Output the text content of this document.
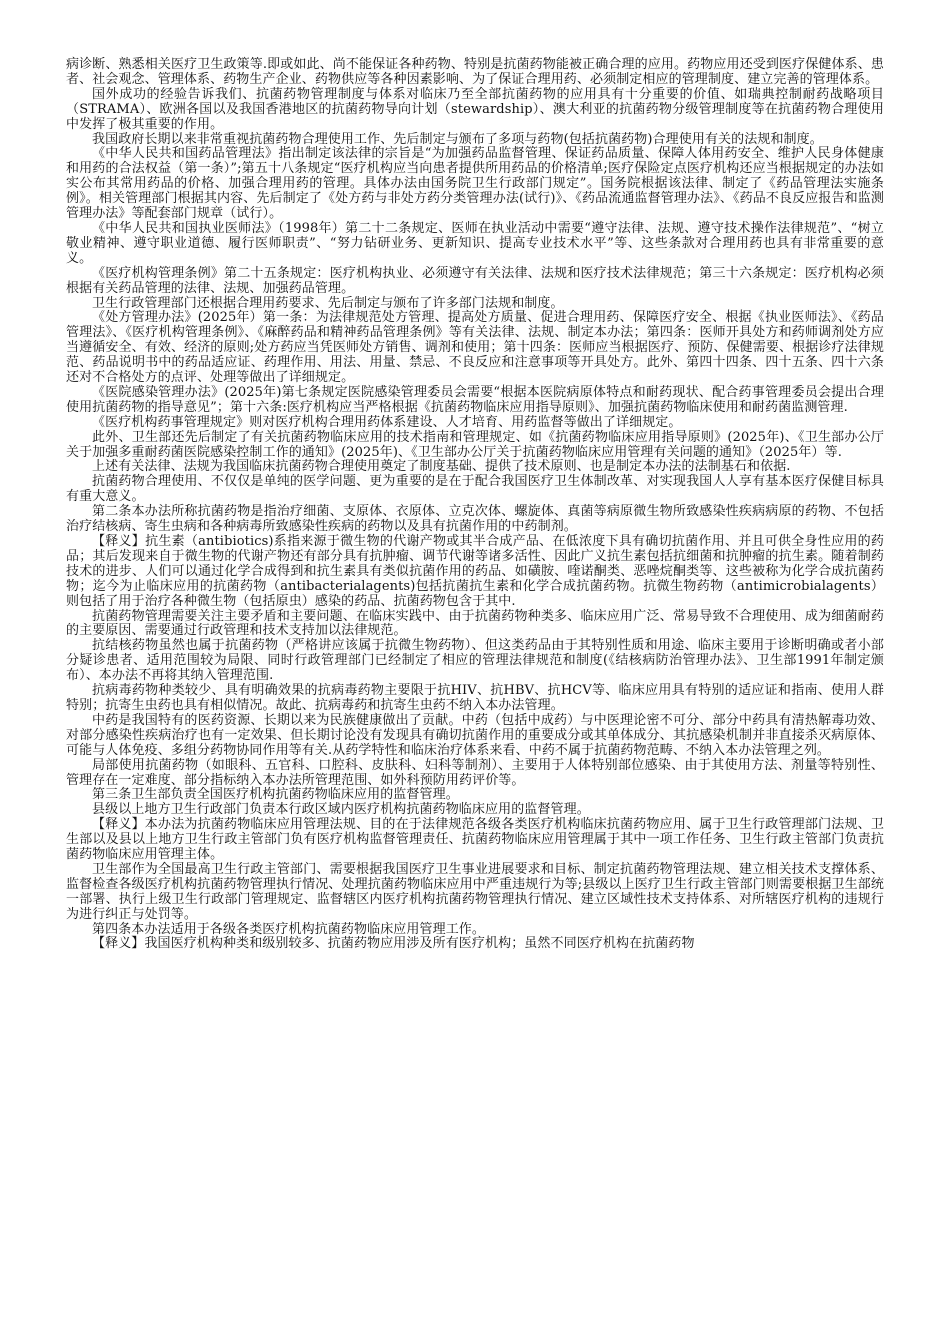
病诊断、熟悉相关医疗卫生政策等.即或如此、尚不能保证各种药物、特别是抗菌药物能被正确合理的应用。药物应用还受到医疗保健体系、患者、社会观念、管理体系、药物生产企业、药物供应等各种因素影响、为了保证合理用药、必须制定相应的管理制度、建立完善的管理体系。

国外成功的经验告诉我们、抗菌药物管理制度与体系对临床乃至全部抗菌药物的应用具有十分重要的价值、如瑞典控制耐药战略项目（STRAMA）、欧洲各国以及我国香港地区的抗菌药物导向计划（stewardship）、澳大利亚的抗菌药物分级管理制度等在抗菌药物合理使用中发挥了极其重要的作用。

我国政府长期以来非常重视抗菌药物合理使用工作、先后制定与颁布了多项与药物(包括抗菌药物)合理使用有关的法规和制度。

《中华人民共和国药品管理法》指出制定该法律的宗旨是“为加强药品监督管理、保证药品质量、保障人体用药安全、维护人民身体健康和用药的合法权益（第一条）”;第五十八条规定“医疗机构应当向患者提供所用药品的价格清单;医疗保险定点医疗机构还应当根据规定的办法如实公布其常用药品的价格、加强合理用药的管理。具体办法由国务院卫生行政部门规定”。国务院根据该法律、制定了《药品管理法实施条例》。相关管理部门根据其内容、先后制定了《处方药与非处方药分类管理办法(试行)》、《药品流通监督管理办法》、《药品不良反应报告和监测管理办法》等配套部门规章（试行）。

《中华人民共和国执业医师法》（1998年）第二十二条规定、医师在执业活动中需要“遵守法律、法规、遵守技术操作法律规范”、“树立敬业精神、遵守职业道德、履行医师职责”、“努力钻研业务、更新知识、提高专业技术水平”等、这些条款对合理用药也具有非常重要的意义。

《医疗机构管理条例》第二十五条规定：医疗机构执业、必须遵守有关法律、法规和医疗技术法律规范；第三十六条规定：医疗机构必须根据有关药品管理的法律、法规、加强药品管理。

卫生行政管理部门还根据合理用药要求、先后制定与颁布了许多部门法规和制度。

《处方管理办法》(2025年）第一条：为法律规范处方管理、提高处方质量、促进合理用药、保障医疗安全、根据《执业医师法》、《药品管理法》、《医疗机构管理条例》、《麻醉药品和精神药品管理条例》等有关法律、法规、制定本办法；第四条：医师开具处方和药师调剂处方应当遵循安全、有效、经济的原则;处方药应当凭医师处方销售、调剂和使用；第十四条：医师应当根据医疗、预防、保健需要、根据诊疗法律规范、药品说明书中的药品适应证、药理作用、用法、用量、禁忌、不良反应和注意事项等开具处方。此外、第四十四条、四十五条、四十六条还对不合格处方的点评、处理等做出了详细规定。

《医院感染管理办法》(2025年)第七条规定医院感染管理委员会需要“根据本医院病原体特点和耐药现状、配合药事管理委员会提出合理使用抗菌药物的指导意见”；第十六条:医疗机构应当严格根据《抗菌药物临床应用指导原则》、加强抗菌药物临床使用和耐药菌监测管理.

《医疗机构药事管理规定》则对医疗机构合理用药体系建设、人才培育、用药监督等做出了详细规定。

此外、卫生部还先后制定了有关抗菌药物临床应用的技术指南和管理规定、如《抗菌药物临床应用指导原则》(2025年)、《卫生部办公厅关于加强多重耐药菌医院感染控制工作的通知》(2025年)、《卫生部办公厅关于抗菌药物临床应用管理有关问题的通知》（2025年）等.

上述有关法律、法规为我国临床抗菌药物合理使用奠定了制度基础、提供了技术原则、也是制定本办法的法制基石和依据.

抗菌药物合理使用、不仅仅是单纯的医学问题、更为重要的是在于配合我国医疗卫生体制改革、对实现我国人人享有基本医疗保健目标具有重大意义。

第二条本办法所称抗菌药物是指治疗细菌、支原体、衣原体、立克次体、螺旋体、真菌等病原微生物所致感染性疾病病原的药物、不包括治疗结核病、寄生虫病和各种病毒所致感染性疾病的药物以及具有抗菌作用的中药制剂。

【释义】抗生素（antibiotics)系指来源于微生物的代谢产物或其半合成产品、在低浓度下具有确切抗菌作用、并且可供全身性应用的药品；其后发现来自于微生物的代谢产物还有部分具有抗肿瘤、调节代谢等诸多活性、因此广义抗生素包括抗细菌和抗肿瘤的抗生素。随着制药技术的进步、人们可以通过化学合成得到和抗生素具有类似抗菌作用的药品、如磺胺、喹诺酮类、恶唑烷酮类等、这些被称为化学合成抗菌药物；迄今为止临床应用的抗菌药物（antibacterialagents)包括抗菌抗生素和化学合成抗菌药物。抗微生物药物（antimicrobialagents）则包括了用于治疗各种微生物（包括原虫）感染的药品、抗菌药物包含于其中.

抗菌药物管理需要关注主要矛盾和主要问题、在临床实践中、由于抗菌药物种类多、临床应用广泛、常易导致不合理使用、成为细菌耐药的主要原因、需要通过行政管理和技术支持加以法律规范。

抗结核药物虽然也属于抗菌药物（严格讲应该属于抗微生物药物）、但这类药品由于其特别性质和用途、临床主要用于诊断明确或者小部分疑诊患者、适用范围较为局限、同时行政管理部门已经制定了相应的管理法律规范和制度(《结核病防治管理办法》、卫生部1991年制定颁布）、本办法不再将其纳入管理范围.

抗病毒药物种类较少、具有明确效果的抗病毒药物主要限于抗HIV、抗HBV、抗HCV等、临床应用具有特别的适应证和指南、使用人群特别；抗寄生虫药也具有相似情况。故此、抗病毒药和抗寄生虫药不纳入本办法管理。

中药是我国特有的医药资源、长期以来为民族健康做出了贡献。中药（包括中成药）与中医理论密不可分、部分中药具有清热解毒功效、对部分感染性疾病治疗也有一定效果、但长期讨论没有发现具有确切抗菌作用的重要成分或其单体成分、其抗感染机制并非直接杀灭病原体、可能与人体免疫、多组分药物协同作用等有关.从药学特性和临床治疗体系来看、中药不属于抗菌药物范畴、不纳入本办法管理之列。

局部使用抗菌药物（如眼科、五官科、口腔科、皮肤科、妇科等制剂）、主要用于人体特别部位感染、由于其使用方法、剂量等特别性、管理存在一定难度、部分指标纳入本办法所管理范围、如外科预防用药评价等。

第三条卫生部负责全国医疗机构抗菌药物临床应用的监督管理。

县级以上地方卫生行政部门负责本行政区域内医疗机构抗菌药物临床应用的监督管理。

【释义】本办法为抗菌药物临床应用管理法规、目的在于法律规范各级各类医疗机构临床抗菌药物应用、属于卫生行政管理部门法规、卫生部以及县以上地方卫生行政主管部门负有医疗机构监督管理责任、抗菌药物临床应用管理属于其中一项工作任务、卫生行政主管部门负责抗菌药物临床应用管理主体。

卫生部作为全国最高卫生行政主管部门、需要根据我国医疗卫生事业进展要求和目标、制定抗菌药物管理法规、建立相关技术支撑体系、监督检查各级医疗机构抗菌药物管理执行情况、处理抗菌药物临床应用中严重违规行为等;县级以上医疗卫生行政主管部门则需要根据卫生部统一部署、执行上级卫生行政部门管理规定、监督辖区内医疗机构抗菌药物管理执行情况、建立区域性技术支持体系、对所辖医疗机构的违规行为进行纠正与处罚等。

第四条本办法适用于各级各类医疗机构抗菌药物临床应用管理工作。

【释义】我国医疗机构种类和级别较多、抗菌药物应用涉及所有医疗机构；虽然不同医疗机构在抗菌药物
